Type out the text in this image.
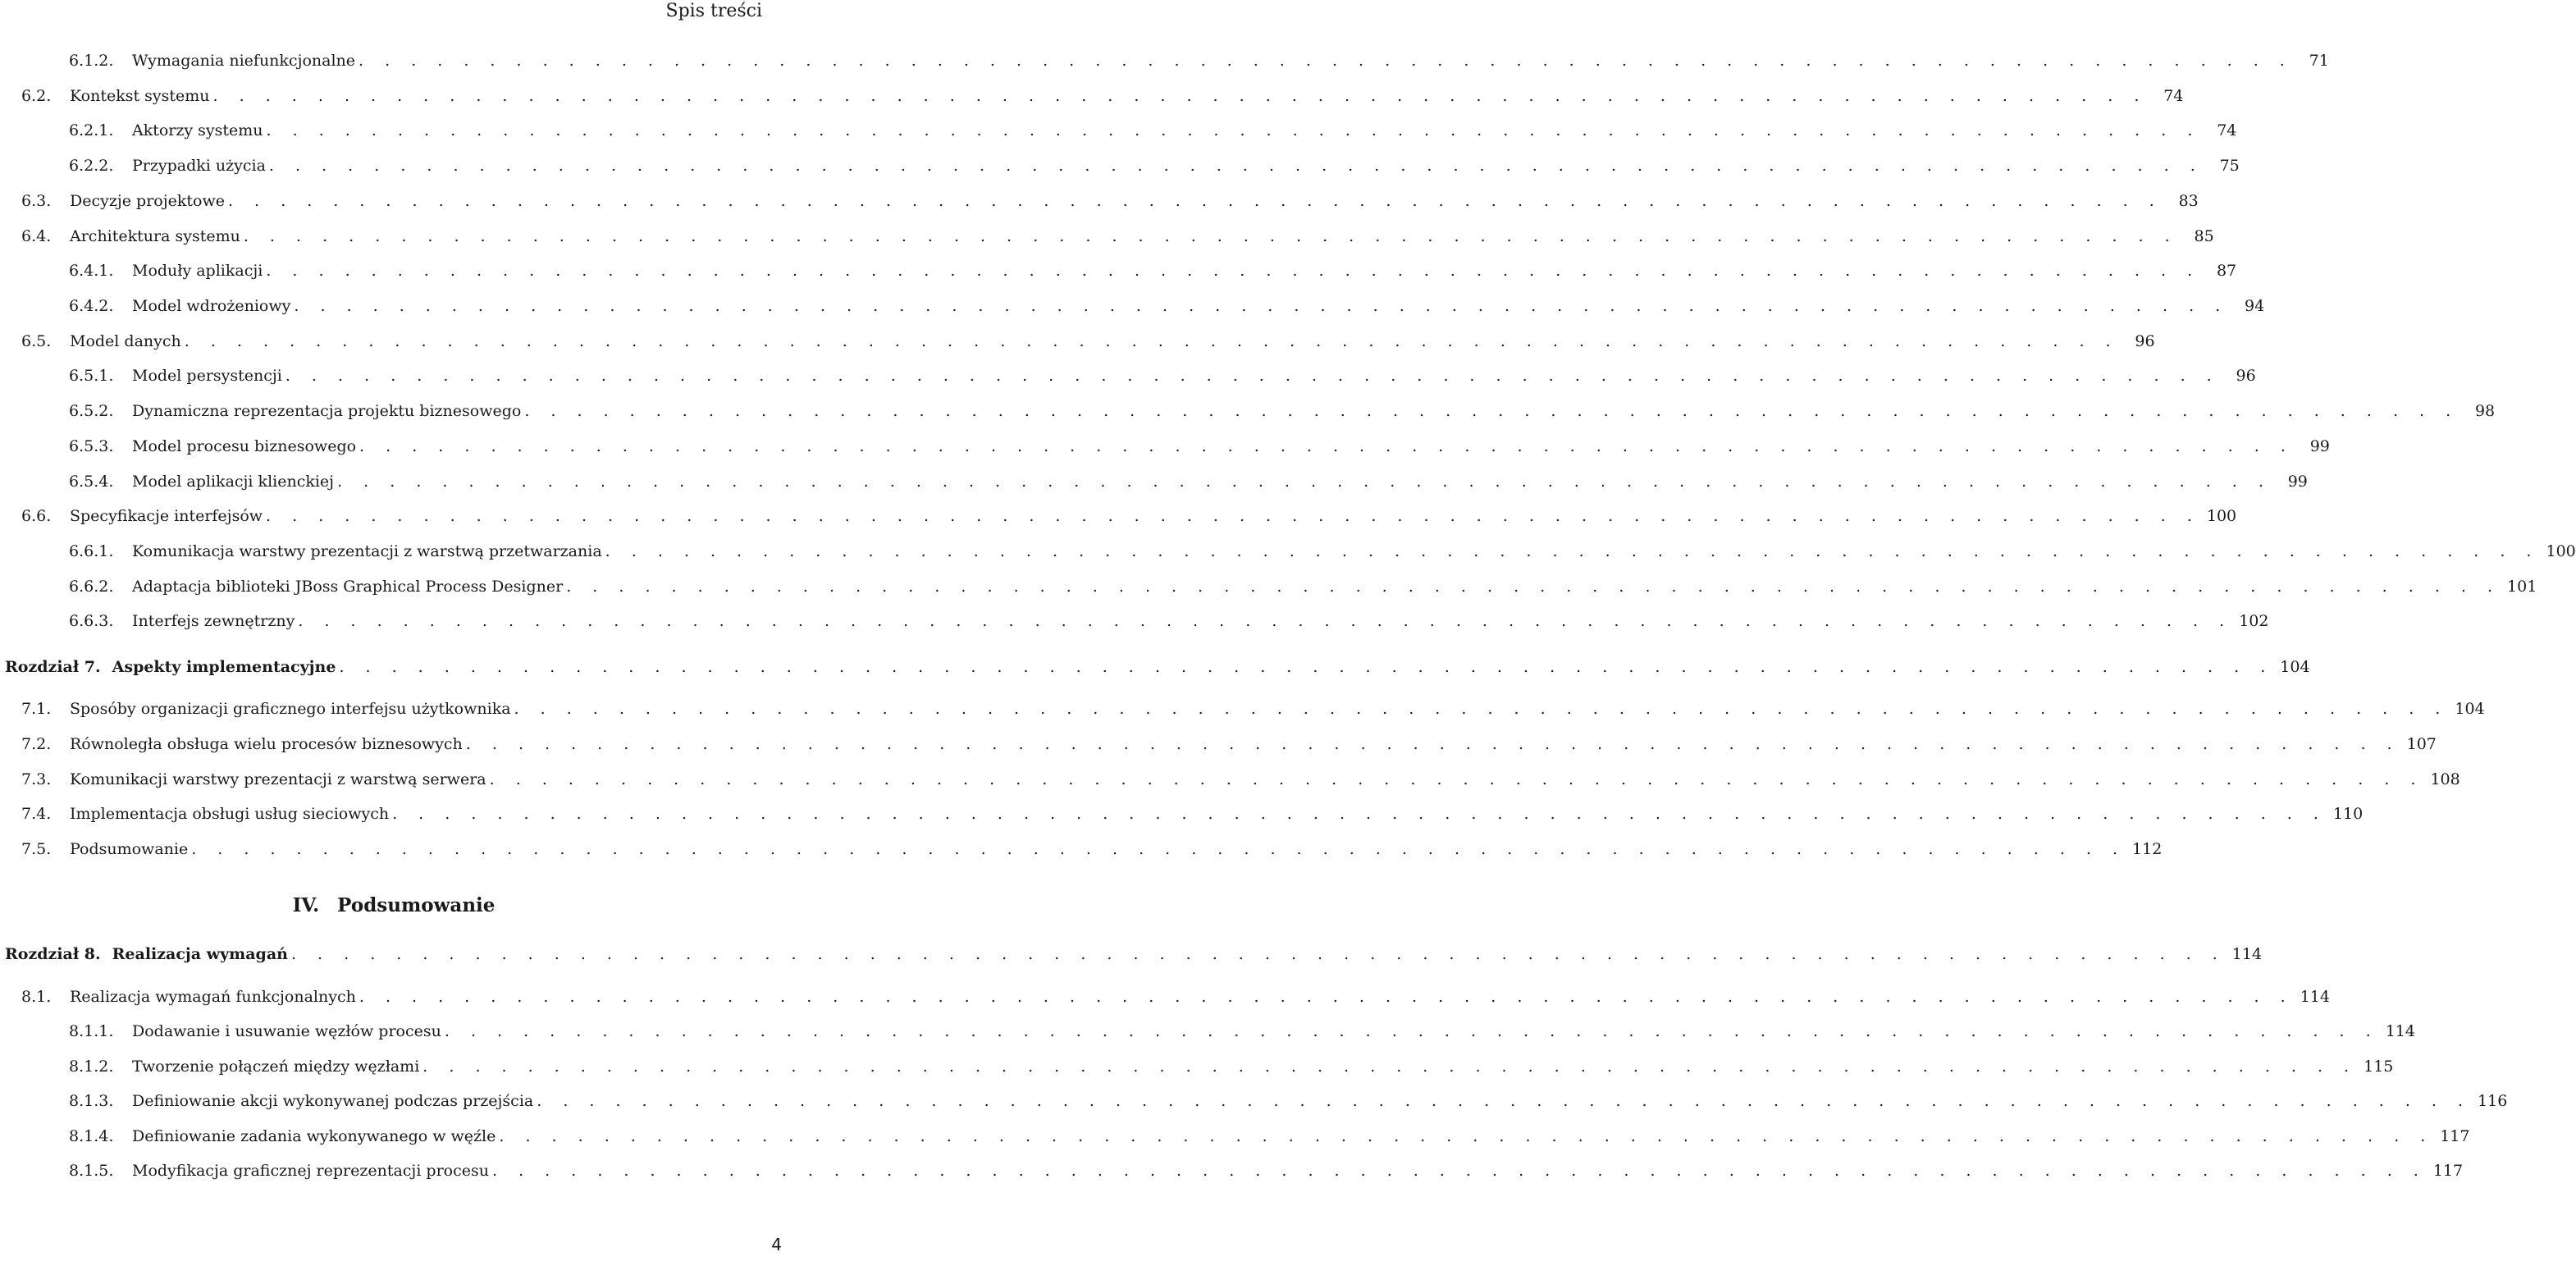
Spis treści
6.1.2.	Wymagania niefunkcjonalne . . . . . . . . . . . . . . . . . . . . . . . . . . . . . . . . . . . . . . . . . . . . . . . . . . . . . . . . . . . . . . . . . . . . . . . . . .	71
6.2.	Kontekst systemu . . . . . . . . . . . . . . . . . . . . . . . . . . . . . . . . . . . . . . . . . . . . . . . . . . . . . . . . . . . . . . . . . . . . . . . . . .	74
6.2.1.	Aktorzy systemu . . . . . . . . . . . . . . . . . . . . . . . . . . . . . . . . . . . . . . . . . . . . . . . . . . . . . . . . . . . . . . . . . . . . . . . . . .	74
6.2.2.	Przypadki użycia . . . . . . . . . . . . . . . . . . . . . . . . . . . . . . . . . . . . . . . . . . . . . . . . . . . . . . . . . . . . . . . . . . . . . . . . . .	75
6.3.	Decyzje projektowe . . . . . . . . . . . . . . . . . . . . . . . . . . . . . . . . . . . . . . . . . . . . . . . . . . . . . . . . . . . . . . . . . . . . . . . . . .	83
6.4.	Architektura systemu . . . . . . . . . . . . . . . . . . . . . . . . . . . . . . . . . . . . . . . . . . . . . . . . . . . . . . . . . . . . . . . . . . . . . . . . . .	85
6.4.1.	Moduły aplikacji . . . . . . . . . . . . . . . . . . . . . . . . . . . . . . . . . . . . . . . . . . . . . . . . . . . . . . . . . . . . . . . . . . . . . . . . . .	87
6.4.2.	Model wdrożeniowy . . . . . . . . . . . . . . . . . . . . . . . . . . . . . . . . . . . . . . . . . . . . . . . . . . . . . . . . . . . . . . . . . . . . . . . . . .	94
6.5.	Model danych . . . . . . . . . . . . . . . . . . . . . . . . . . . . . . . . . . . . . . . . . . . . . . . . . . . . . . . . . . . . . . . . . . . . . . . . . .	96
6.5.1.	Model persystencji . . . . . . . . . . . . . . . . . . . . . . . . . . . . . . . . . . . . . . . . . . . . . . . . . . . . . . . . . . . . . . . . . . . . . . . . . .	96
6.5.2.	Dynamiczna reprezentacja projektu biznesowego . . . . . . . . . . . . . . . . . . . . . . . . . . . . . . . . . . . . . . . . . . . . . . . . . . . . . . . . . . . . . . . . . . . . . . . . . .	98
6.5.3.	Model procesu biznesowego . . . . . . . . . . . . . . . . . . . . . . . . . . . . . . . . . . . . . . . . . . . . . . . . . . . . . . . . . . . . . . . . . . . . . . . . . .	99
6.5.4.	Model aplikacji klienckiej . . . . . . . . . . . . . . . . . . . . . . . . . . . . . . . . . . . . . . . . . . . . . . . . . . . . . . . . . . . . . . . . . . . . . . . . . .	99
6.6.	Specyfikacje interfejsów . . . . . . . . . . . . . . . . . . . . . . . . . . . . . . . . . . . . . . . . . . . . . . . . . . . . . . . . . . . . . . . . . . . . . . . . . . 100
6.6.1.	Komunikacja warstwy prezentacji z warstwą przetwarzania . . . . . . . . . . . . . . . . . . . . . . . . . . . . . . . . . . . . . . . . . . . . . . . . . . . . . . . . . . . . . . . . . . . . . . . . . . 100
6.6.2.	Adaptacja biblioteki JBoss Graphical Process Designer . . . . . . . . . . . . . . . . . . . . . . . . . . . . . . . . . . . . . . . . . . . . . . . . . . . . . . . . . . . . . . . . . . . . . . . . . . 101
6.6.3.	Interfejs zewnętrzny . . . . . . . . . . . . . . . . . . . . . . . . . . . . . . . . . . . . . . . . . . . . . . . . . . . . . . . . . . . . . . . . . . . . . . . . . . 102
Rozdział 7. Aspekty implementacyjne . . . . . . . . . . . . . . . . . . . . . . . . . . . . . . . . . . . . . . . . . . . . . . . . . . . . . . . . . . . . . . . . . . . . . . . . . . 104
7.1.	Sposóby organizacji graficznego interfejsu użytkownika . . . . . . . . . . . . . . . . . . . . . . . . . . . . . . . . . . . . . . . . . . . . . . . . . . . . . . . . . . . . . . . . . . . . . . . . . . 104
7.2.	Równoległa obsługa wielu procesów biznesowych . . . . . . . . . . . . . . . . . . . . . . . . . . . . . . . . . . . . . . . . . . . . . . . . . . . . . . . . . . . . . . . . . . . . . . . . . . 107
7.3.	Komunikacji warstwy prezentacji z warstwą serwera . . . . . . . . . . . . . . . . . . . . . . . . . . . . . . . . . . . . . . . . . . . . . . . . . . . . . . . . . . . . . . . . . . . . . . . . . . 108
7.4.	Implementacja obsługi usług sieciowych . . . . . . . . . . . . . . . . . . . . . . . . . . . . . . . . . . . . . . . . . . . . . . . . . . . . . . . . . . . . . . . . . . . . . . . . . . 110
7.5.	Podsumowanie . . . . . . . . . . . . . . . . . . . . . . . . . . . . . . . . . . . . . . . . . . . . . . . . . . . . . . . . . . . . . . . . . . . . . . . . . . 112
Rozdział 8. Realizacja wymagań . . . . . . . . . . . . . . . . . . . . . . . . . . . . . . . . . . . . . . . . . . . . . . . . . . . . . . . . . . . . . . . . . . . . . . . . . . 114
8.1.	Realizacja wymagań funkcjonalnych . . . . . . . . . . . . . . . . . . . . . . . . . . . . . . . . . . . . . . . . . . . . . . . . . . . . . . . . . . . . . . . . . . . . . . . . . . 114
8.1.1.	Dodawanie i usuwanie węzłów procesu . . . . . . . . . . . . . . . . . . . . . . . . . . . . . . . . . . . . . . . . . . . . . . . . . . . . . . . . . . . . . . . . . . . . . . . . . . 114
8.1.2.	Tworzenie połączeń między węzłami . . . . . . . . . . . . . . . . . . . . . . . . . . . . . . . . . . . . . . . . . . . . . . . . . . . . . . . . . . . . . . . . . . . . . . . . . . 115
8.1.3.	Definiowanie akcji wykonywanej podczas przejścia . . . . . . . . . . . . . . . . . . . . . . . . . . . . . . . . . . . . . . . . . . . . . . . . . . . . . . . . . . . . . . . . . . . . . . . . . . 116
8.1.4.	Definiowanie zadania wykonywanego w węźle . . . . . . . . . . . . . . . . . . . . . . . . . . . . . . . . . . . . . . . . . . . . . . . . . . . . . . . . . . . . . . . . . . . . . . . . . . 117
8.1.5.	Modyfikacja graficznej reprezentacji procesu . . . . . . . . . . . . . . . . . . . . . . . . . . . . . . . . . . . . . . . . . . . . . . . . . . . . . . . . . . . . . . . . . . . . . . . . . . 117
IV. Podsumowanie
4
